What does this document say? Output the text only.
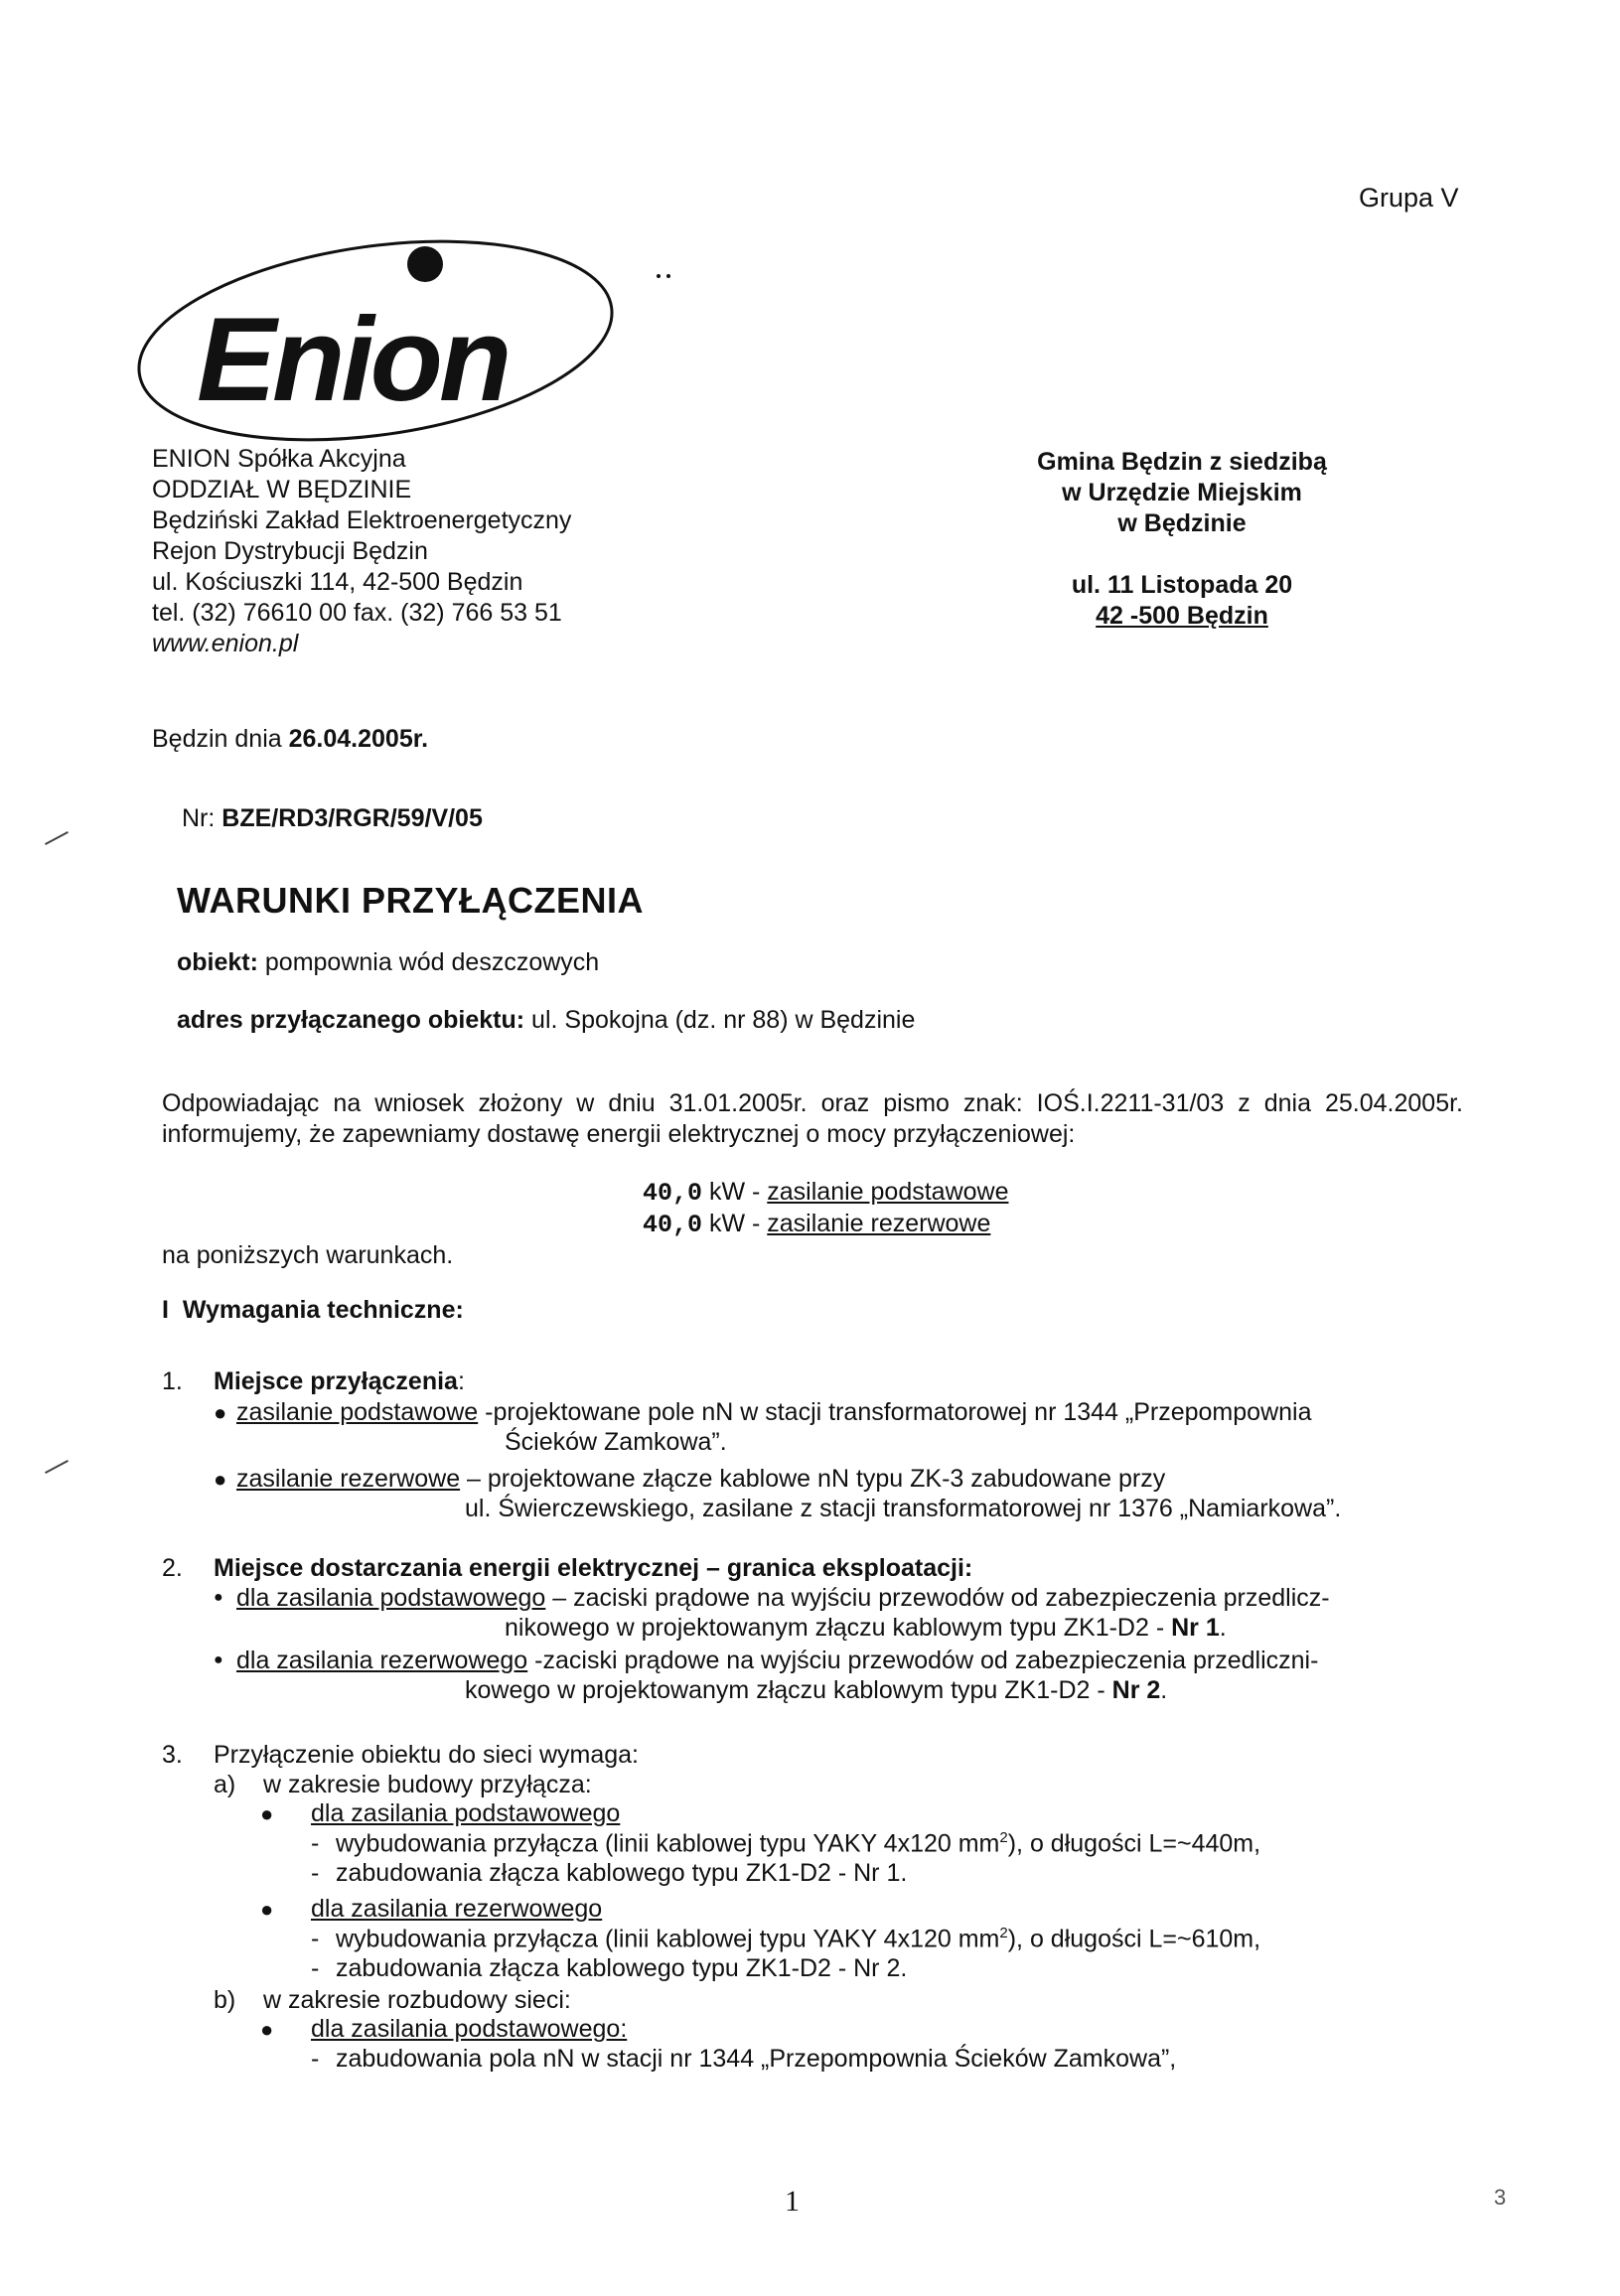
Grupa V
Enion
ENION Spółka Akcyjna
ODDZIAŁ W BĘDZINIE
Będziński Zakład Elektroenergetyczny
Rejon Dystrybucji Będzin
ul. Kościuszki 114, 42-500 Będzin
tel. (32) 76610 00 fax. (32) 766 53 51
www.enion.pl
Gmina Będzin z siedzibą
w Urzędzie Miejskim
w Będzinie
ul. 11 Listopada 20
42 -500 Będzin
Będzin dnia 26.04.2005r.
Nr: BZE/RD3/RGR/59/V/05
WARUNKI PRZYŁĄCZENIA
obiekt: pompownia wód deszczowych
adres przyłączanego obiektu: ul. Spokojna (dz. nr 88) w Będzinie
Odpowiadając na wniosek złożony w dniu 31.01.2005r. oraz pismo znak: IOŚ.I.2211-31/03 z dnia 25.04.2005r. informujemy, że zapewniamy dostawę energii elektrycznej o mocy przyłączeniowej:
40,0 kW - zasilanie podstawowe
40,0 kW - zasilanie rezerwowe
na poniższych warunkach.
I Wymagania techniczne:
1. Miejsce przyłączenia:
● zasilanie podstawowe -projektowane pole nN w stacji transformatorowej nr 1344 „Przepompownia
Ścieków Zamkowa”.
● zasilanie rezerwowe – projektowane złącze kablowe nN typu ZK-3 zabudowane przy
ul. Świerczewskiego, zasilane z stacji transformatorowej nr 1376 „Namiarkowa”.
2. Miejsce dostarczania energii elektrycznej – granica eksploatacji:
● dla zasilania podstawowego – zaciski prądowe na wyjściu przewodów od zabezpieczenia przedlicz-
nikowego w projektowanym złączu kablowym typu ZK1-D2 - Nr 1.
● dla zasilania rezerwowego -zaciski prądowe na wyjściu przewodów od zabezpieczenia przedliczni-
kowego w projektowanym złączu kablowym typu ZK1-D2 - Nr 2.
3. Przyłączenie obiektu do sieci wymaga:
a) w zakresie budowy przyłącza:
● dla zasilania podstawowego
- wybudowania przyłącza (linii kablowej typu YAKY 4x120 $mm^2$), o długości L=~440m,
- zabudowania złącza kablowego typu ZK1-D2 - Nr 1.
● dla zasilania rezerwowego
- wybudowania przyłącza (linii kablowej typu YAKY 4x120 $mm^2$), o długości L=~610m,
- zabudowania złącza kablowego typu ZK1-D2 - Nr 2.
b) w zakresie rozbudowy sieci:
● dla zasilania podstawowego:
- zabudowania pola nN w stacji nr 1344 „Przepompownia Ścieków Zamkowa”,
1	3
